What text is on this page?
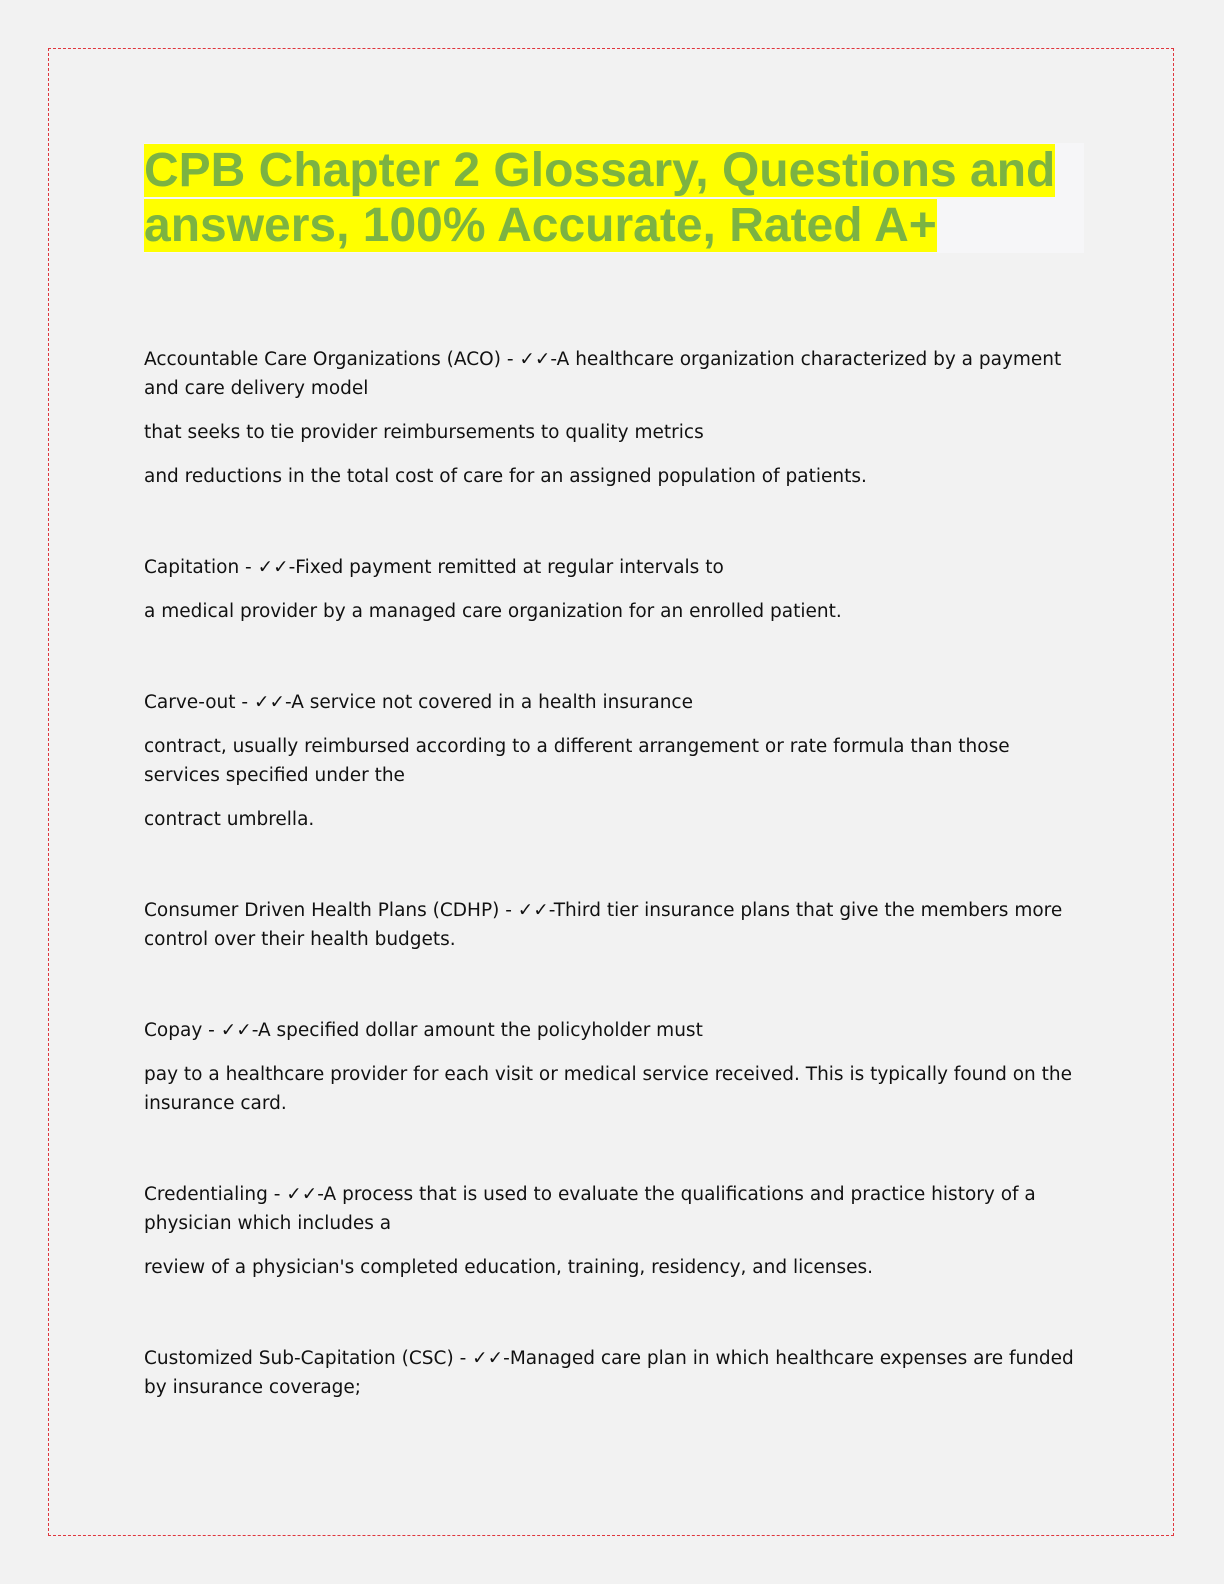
CPB Chapter 2 Glossary, Questions and answers, 100% Accurate, Rated A+

Accountable Care Organizations (ACO) - ✓✓-A healthcare organization characterized by a payment and care delivery model

that seeks to tie provider reimbursements to quality metrics

and reductions in the total cost of care for an assigned population of patients.

Capitation - ✓✓-Fixed payment remitted at regular intervals to

a medical provider by a managed care organization for an enrolled patient.

Carve-out - ✓✓-A service not covered in a health insurance

contract, usually reimbursed according to a different arrangement or rate formula than those services specified under the

contract umbrella.

Consumer Driven Health Plans (CDHP) - ✓✓-Third tier insurance plans that give the members more control over their health budgets.

Copay - ✓✓-A specified dollar amount the policyholder must

pay to a healthcare provider for each visit or medical service received. This is typically found on the insurance card.

Credentialing - ✓✓-A process that is used to evaluate the qualifications and practice history of a physician which includes a

review of a physician's completed education, training, residency, and licenses.

Customized Sub-Capitation (CSC) - ✓✓-Managed care plan in which healthcare expenses are funded by insurance coverage;
